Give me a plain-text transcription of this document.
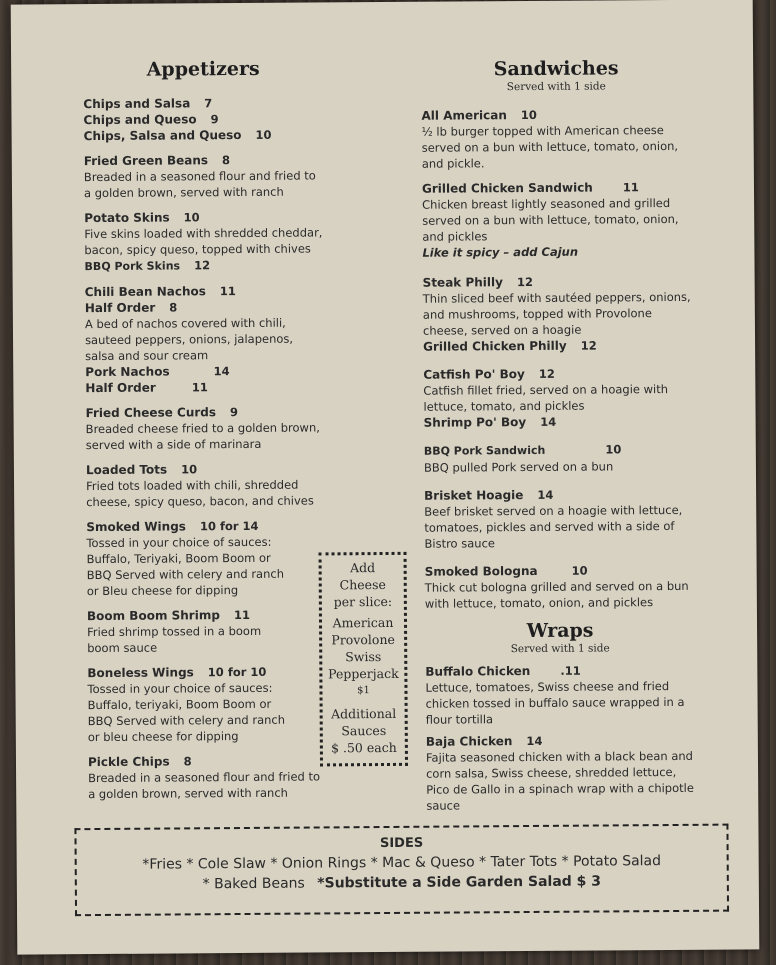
Appetizers
Chips and Salsa 7
Chips and Queso 9
Chips, Salsa and Queso 10
Fried Green Beans 8
Breaded in a seasoned flour and fried to a golden brown, served with ranch
Potato Skins 10
Five skins loaded with shredded cheddar, bacon, spicy queso, topped with chives
BBQ Pork Skins 12
Chili Bean Nachos 11
Half Order 8
A bed of nachos covered with chili, sauteed peppers, onions, jalapenos, salsa and sour cream
Pork Nachos	14
Half Order	11
Fried Cheese Curds 9
Breaded cheese fried to a golden brown, served with a side of marinara
Loaded Tots 10
Fried tots loaded with chili, shredded cheese, spicy queso, bacon, and chives
Smoked Wings 10 for 14
Tossed in your choice of sauces: Buffalo, Teriyaki, Boom Boom or BBQ Served with celery and ranch or Bleu cheese for dipping
Boom Boom Shrimp 11
Fried shrimp tossed in a boom boom sauce
Boneless Wings 10 for 10
Tossed in your choice of sauces: Buffalo, teriyaki, Boom Boom or BBQ Served with celery and ranch or bleu cheese for dipping
Pickle Chips 8
Breaded in a seasoned flour and fried to a golden brown, served with ranch
Add
Cheese
per slice:
American
Provolone
Swiss
Pepperjack
$1
Additional
Sauces
$ .50 each
Sandwiches
Served with 1 side
All American 10
½ lb burger topped with American cheese served on a bun with lettuce, tomato, onion, and pickle.
Grilled Chicken Sandwich	11
Chicken breast lightly seasoned and grilled served on a bun with lettuce, tomato, onion, and pickles
Like it spicy – add Cajun
Steak Philly 12
Thin sliced beef with sautéed peppers, onions, and mushrooms, topped with Provolone cheese, served on a hoagie
Grilled Chicken Philly 12
Catfish Po' Boy 12
Catfish fillet fried, served on a hoagie with lettuce, tomato, and pickles
Shrimp Po' Boy 14
BBQ Pork Sandwich	10
BBQ pulled Pork served on a bun
Brisket Hoagie 14
Beef brisket served on a hoagie with lettuce, tomatoes, pickles and served with a side of Bistro sauce
Smoked Bologna	10
Thick cut bologna grilled and served on a bun with lettuce, tomato, onion, and pickles
Wraps
Served with 1 side
Buffalo Chicken	.11
Lettuce, tomatoes, Swiss cheese and fried chicken tossed in buffalo sauce wrapped in a flour tortilla
Baja Chicken 14
Fajita seasoned chicken with a black bean and corn salsa, Swiss cheese, shredded lettuce, Pico de Gallo in a spinach wrap with a chipotle sauce
SIDES
*Fries * Cole Slaw * Onion Rings * Mac & Queso * Tater Tots * Potato Salad
* Baked Beans *Substitute a Side Garden Salad $ 3
